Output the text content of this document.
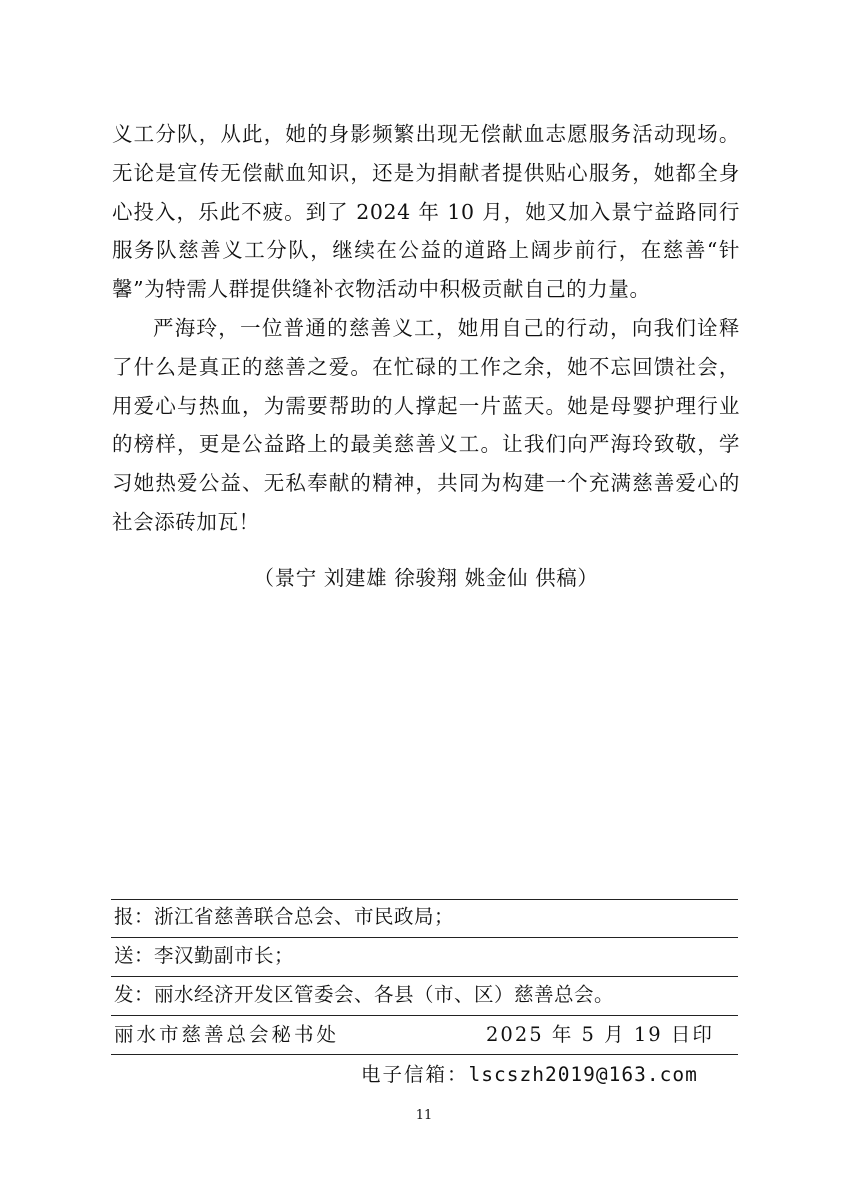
义工分队，从此，她的身影频繁出现无偿献血志愿服务活动现场。无论是宣传无偿献血知识，还是为捐献者提供贴心服务，她都全身心投入，乐此不疲。到了 2024 年 10 月，她又加入景宁益路同行服务队慈善义工分队，继续在公益的道路上阔步前行，在慈善“针馨”为特需人群提供缝补衣物活动中积极贡献自己的力量。

严海玲，一位普通的慈善义工，她用自己的行动，向我们诠释了什么是真正的慈善之爱。在忙碌的工作之余，她不忘回馈社会，用爱心与热血，为需要帮助的人撑起一片蓝天。她是母婴护理行业的榜样，更是公益路上的最美慈善义工。让我们向严海玲致敬，学习她热爱公益、无私奉献的精神，共同为构建一个充满慈善爱心的社会添砖加瓦！

（景宁 刘建雄 徐骏翔 姚金仙 供稿）
报：浙江省慈善联合总会、市民政局；
送：李汉勤副市长；
发：丽水经济开发区管委会、各县（市、区）慈善总会。
丽水市慈善总会秘书处	2025 年 5 月 19 日印
电子信箱：lscszh2019@163.com
11
